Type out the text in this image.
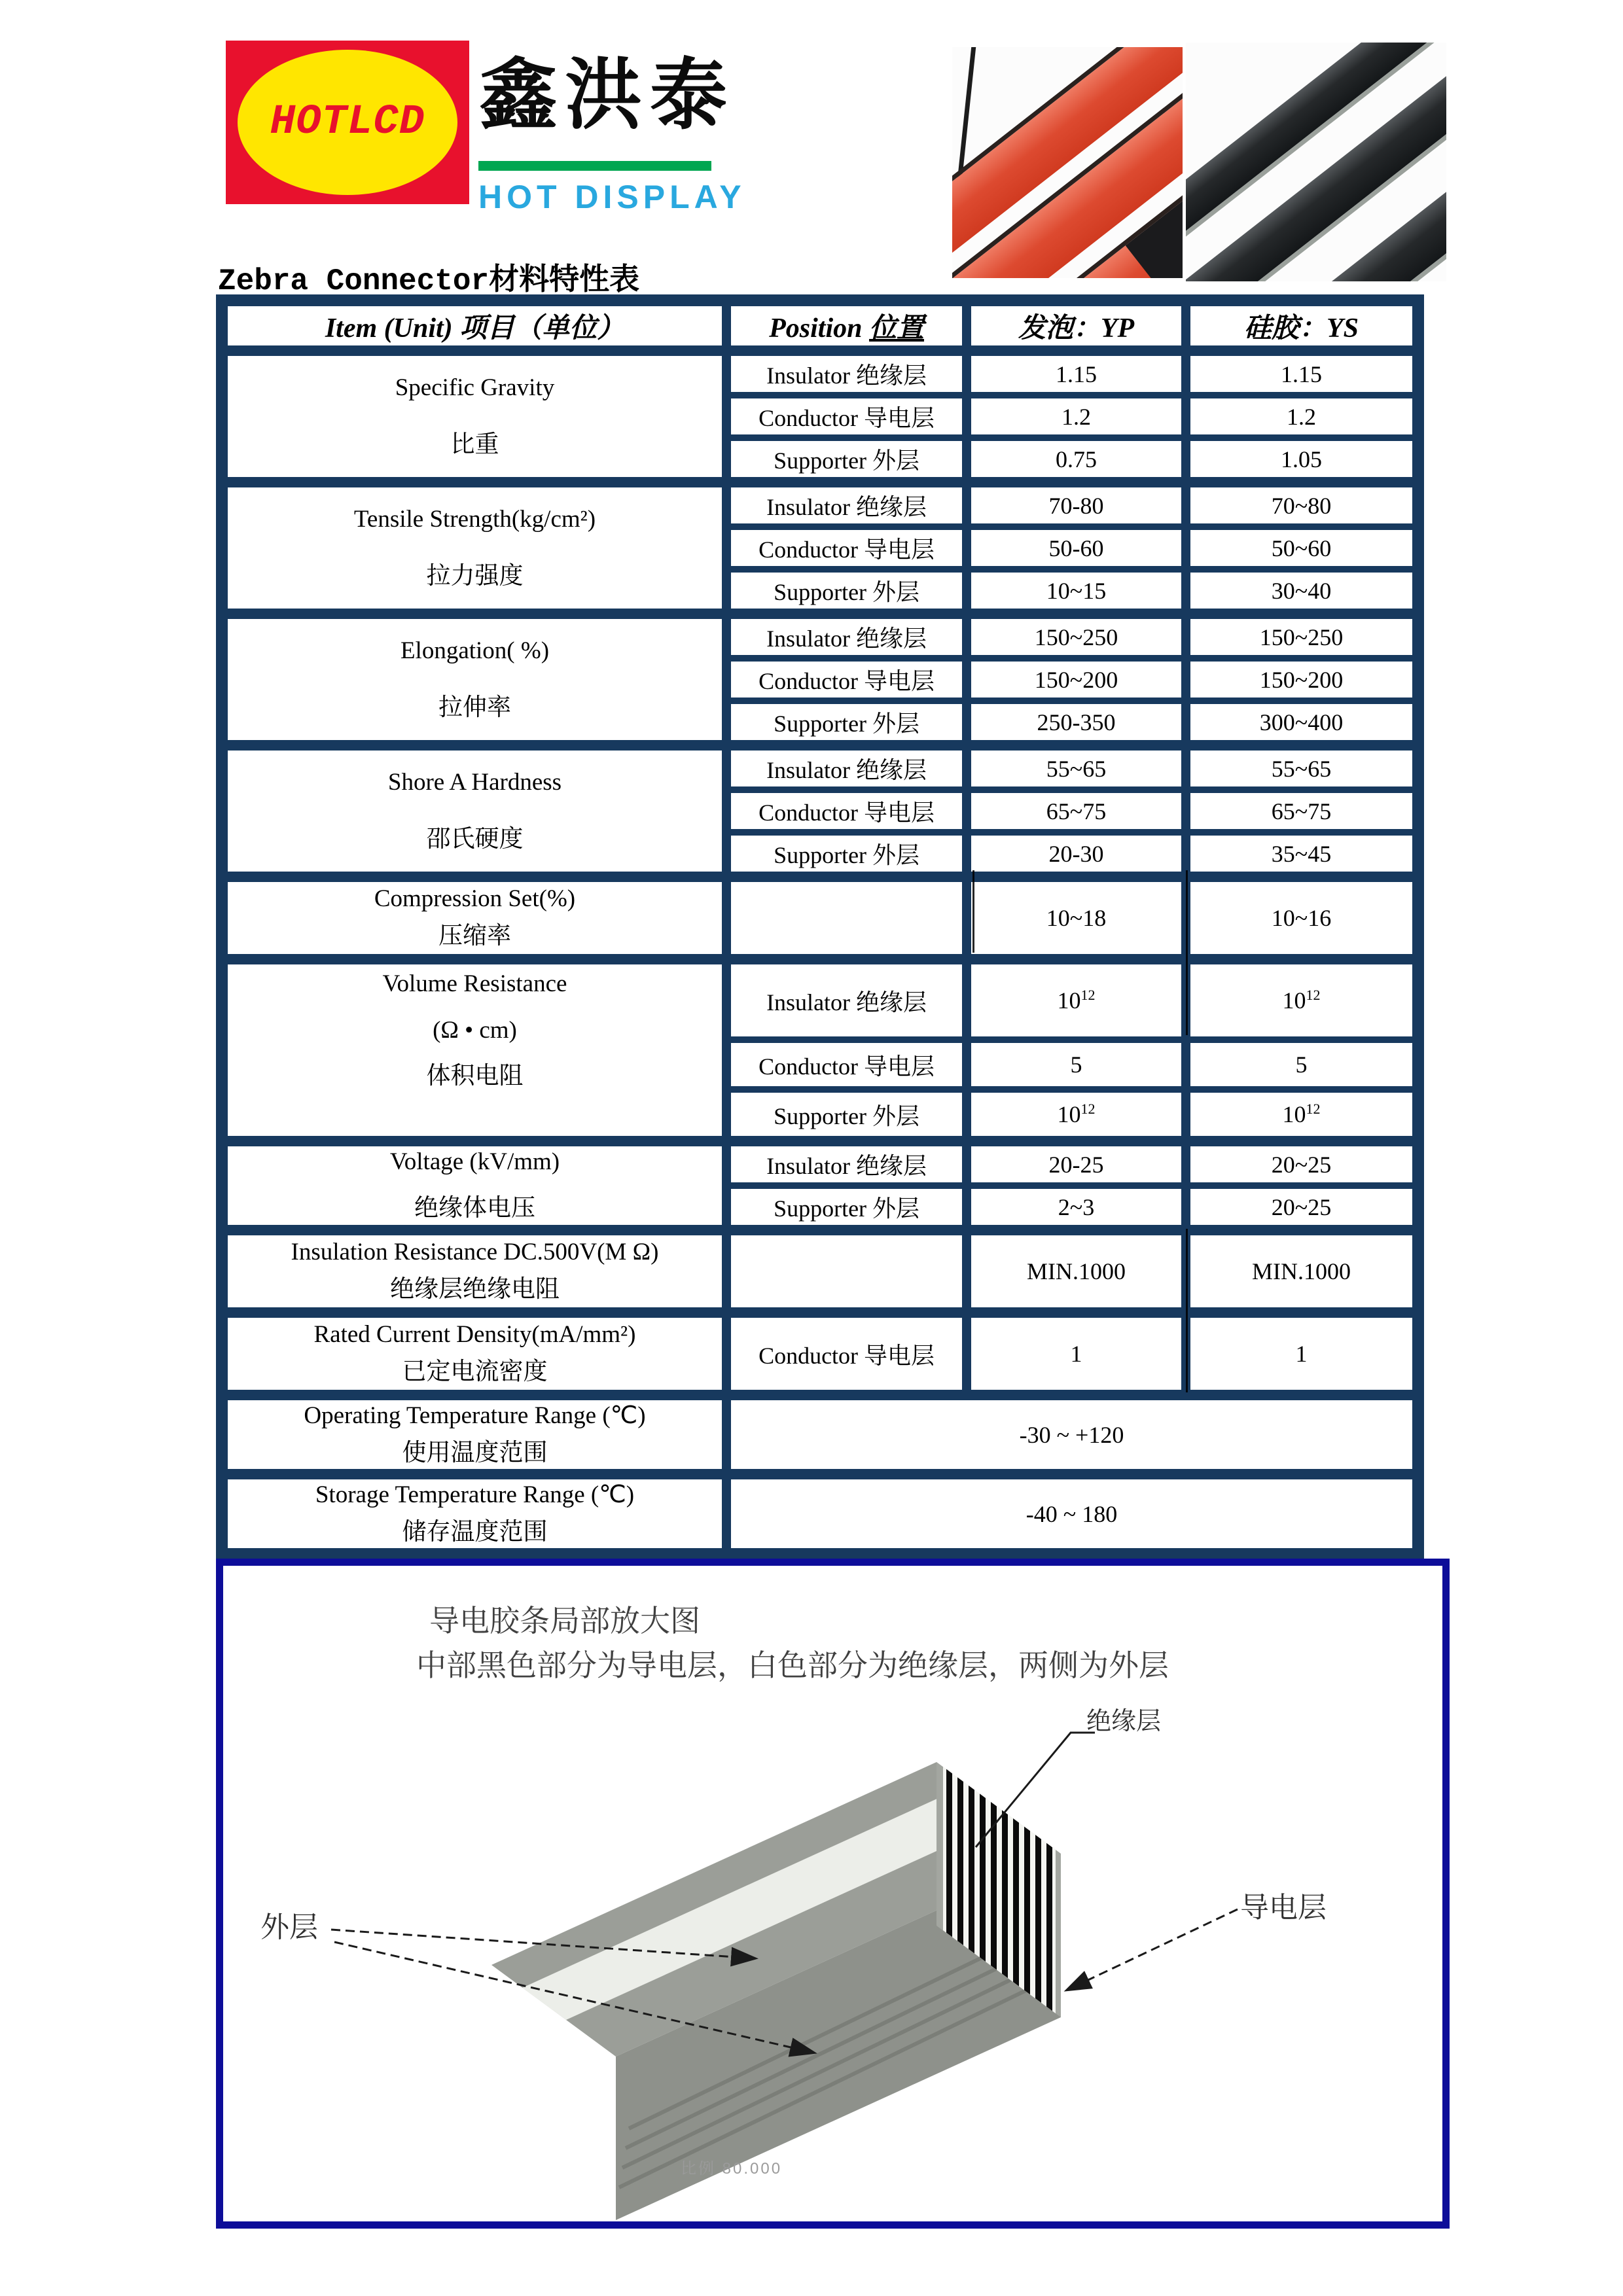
HOTLCD 鑫洪泰
HOT DISPLAY
Zebra Connector材料特性表
Item (Unit) 项目（单位）	Position 位置	发泡：YP	硅胶：YS

Specific Gravity
比重	Insulator 绝缘层	1.15	1.15
	Conductor 导电层	1.2	1.2
	Supporter 外层	0.75	1.05

Tensile Strength(kg/cm²)
拉力强度	Insulator 绝缘层	70-80	70~80
	Conductor 导电层	50-60	50~60
	Supporter 外层	10~15	30~40

Elongation( %)
拉伸率	Insulator 绝缘层	150~250	150~250
	Conductor 导电层	150~200	150~200
	Supporter 外层	250-350	300~400

Shore A Hardness
邵氏硬度	Insulator 绝缘层	55~65	55~65
	Conductor 导电层	65~75	65~75
	Supporter 外层	20-30	35~45

Compression Set(%)
压缩率		10~18	10~16

Volume Resistance
(Ω • cm)
体积电阻	Insulator 绝缘层	$10^{12}$	$10^{12}$
	Conductor 导电层	5	5
	Supporter 外层	$10^{12}$	$10^{12}$

Voltage (kV/mm)
绝缘体电压	Insulator 绝缘层	20-25	20~25
	Supporter 外层	2~3	20~25

Insulation Resistance DC.500V(M Ω)
绝缘层绝缘电阻		MIN.1000	MIN.1000

Rated Current Density(mA/mm²)
已定电流密度	Conductor 导电层	1	1

Operating Temperature Range (℃)
使用温度范围	-30 ~ +120		

Storage Temperature Range (℃)
储存温度范围	-40 ~ 180		
导电胶条局部放大图
中部黑色部分为导电层，白色部分为绝缘层，两侧为外层
绝缘层
导电层
外层
比例 80.000
